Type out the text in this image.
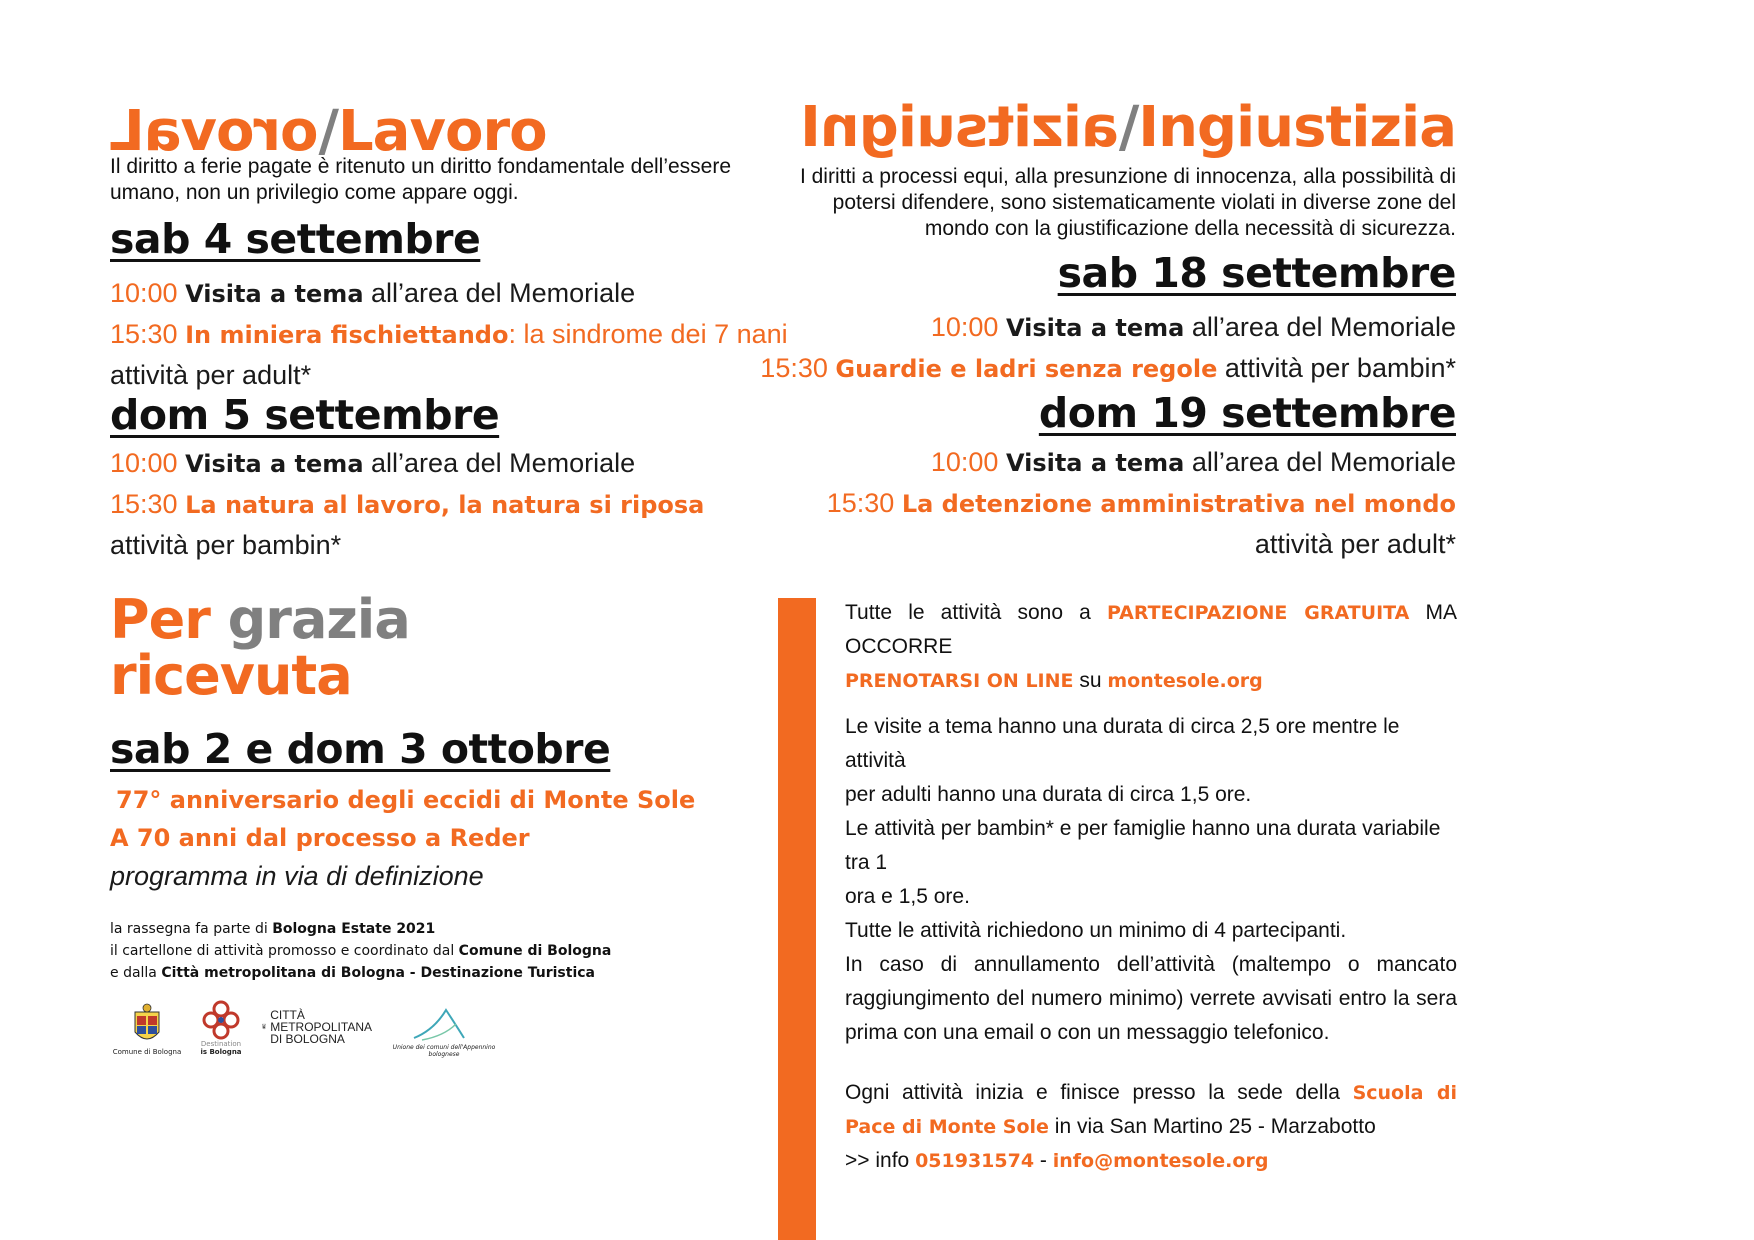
orovaL/Lavoro
Il diritto a ferie pagate è ritenuto un diritto fondamentale dell’essere
umano, non un privilegio come appare oggi.
sab 4 settembre
10:00 Visita a tema all’area del Memoriale
15:30 In miniera fischiettando: la sindrome dei 7 nani
attività per adult*
dom 5 settembre
10:00 Visita a tema all’area del Memoriale
15:30 La natura al lavoro, la natura si riposa
attività per bambin*
Per grazia
ricevuta
sab 2 e dom 3 ottobre
77° anniversario degli eccidi di Monte Sole
A 70 anni dal processo a Reder
programma in via di definizione
la rassegna fa parte di Bologna Estate 2021
il cartellone di attività promosso e coordinato dal Comune di Bologna
e dalla Città metropolitana di Bologna - Destinazione Turistica
Comune di Bologna
Destination
is Bologna
CITTÀ
METROPOLITANA
DI BOLOGNA
Unione dei comuni dell'Appennino bolognese
aizitsuignI/Ingiustizia
I diritti a processi equi, alla presunzione di innocenza, alla possibilità di
potersi difendere, sono sistematicamente violati in diverse zone del
mondo con la giustificazione della necessità di sicurezza.
sab 18 settembre
10:00 Visita a tema all’area del Memoriale
15:30 Guardie e ladri senza regole attività per bambin*
dom 19 settembre
10:00 Visita a tema all’area del Memoriale
15:30 La detenzione amministrativa nel mondo
attività per adult*
Tutte le attività sono a PARTECIPAZIONE GRATUITA MA OCCORRE
PRENOTARSI ON LINE su montesole.org
Le visite a tema hanno una durata di circa 2,5 ore mentre le attività
per adulti hanno una durata di circa 1,5 ore.
Le attività per bambin* e per famiglie hanno una durata variabile tra 1
ora e 1,5 ore.
Tutte le attività richiedono un minimo di 4 partecipanti.
In caso di annullamento dell’attività (maltempo o mancato
raggiungimento del numero minimo) verrete avvisati entro la sera
prima con una email o con un messaggio telefonico.
Ogni attività inizia e finisce presso la sede della Scuola di
Pace di Monte Sole in via San Martino 25 - Marzabotto
>> info 051931574 - info@montesole.org
